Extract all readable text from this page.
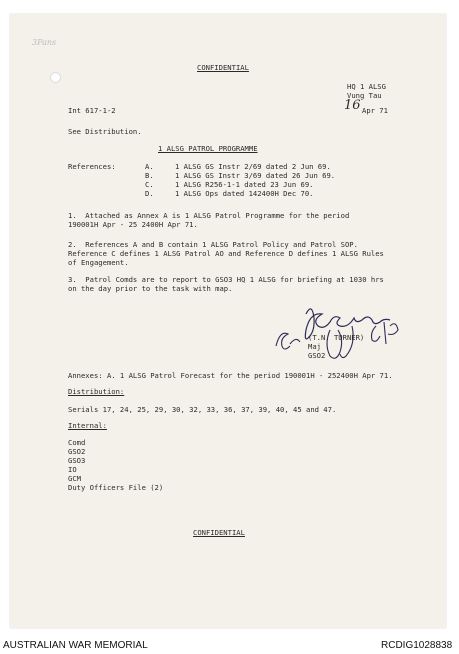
3Pans
CONFIDENTIAL
HQ 1 ALSG
Vung Tau
16 Apr 71
Int 617-1-2
See Distribution.
1 ALSG PATROL PROGRAMME
References:	A.	1 ALSG GS Instr 2/69 dated 2 Jun 69.
B.	1 ALSG GS Instr 3/69 dated 26 Jun 69.
C.	1 ALSG R256-1-1 dated 23 Jun 69.
D.	1 ALSG Ops dated 142400H Dec 70.
1.  Attached as Annex A is 1 ALSG Patrol Programme for the period
190001H Apr - 25 2400H Apr 71.
2.  References A and B contain 1 ALSG Patrol Policy and Patrol SOP.
Reference C defines 1 ALSG Patrol AO and Reference D defines 1 ALSG Rules
of Engagement.
3.  Patrol Comds are to report to GSO3 HQ 1 ALSG for briefing at 1030 hrs
on the day prior to the task with map.
(T.N. TURNER)
Maj
GSO2
Annexes: A. 1 ALSG Patrol Forecast for the period 190001H - 252400H Apr 71.
Distribution:
Serials 17, 24, 25, 29, 30, 32, 33, 36, 37, 39, 40, 45 and 47.
Internal:
Comd
GSO2
GSO3
IO
GCM
Duty Officers File (2)
CONFIDENTIAL
AUSTRALIAN WAR MEMORIAL	RCDIG1028838
